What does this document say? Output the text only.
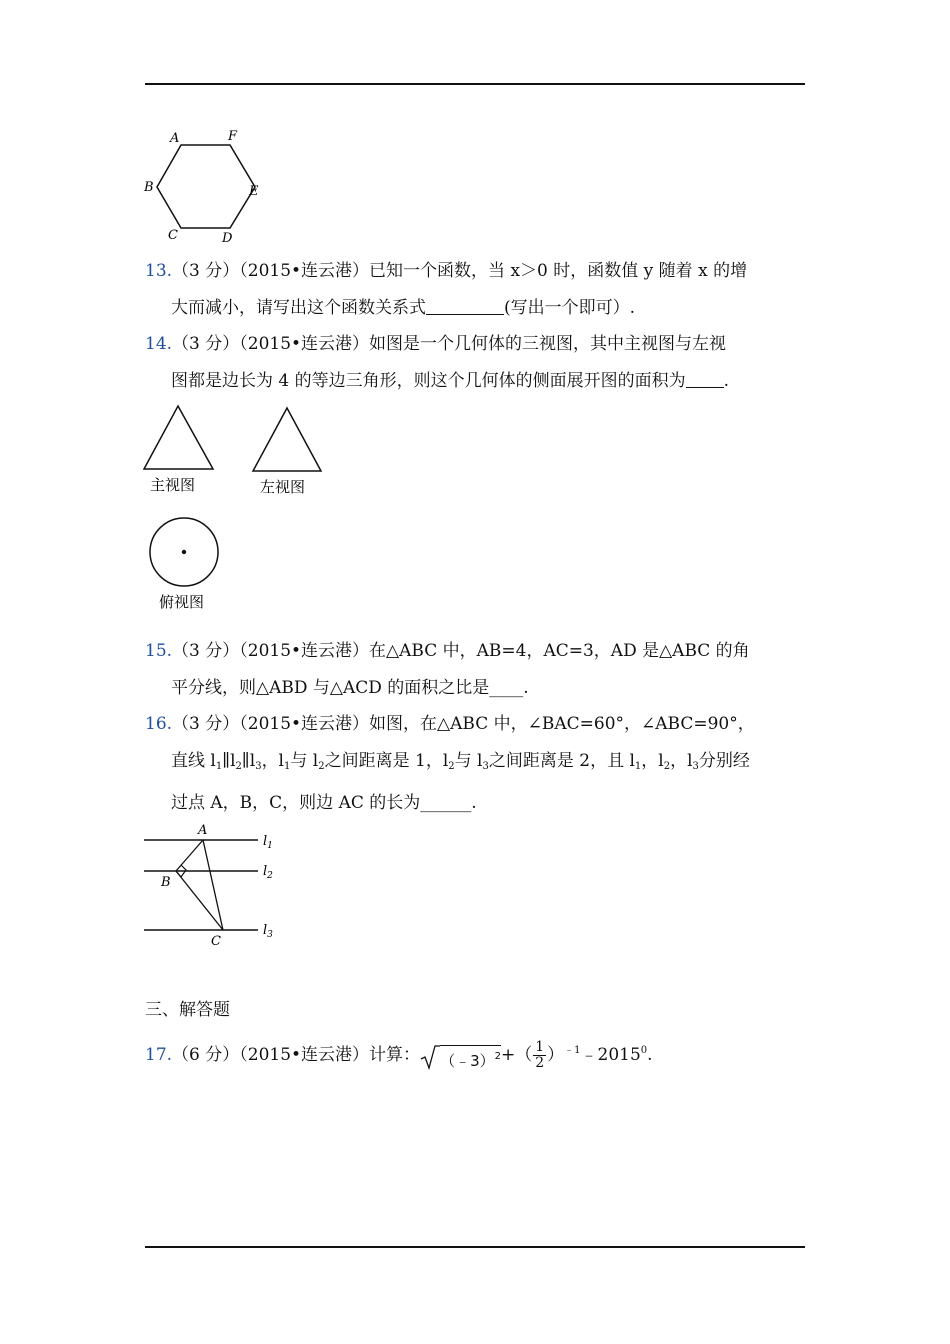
A	F
B	E
C	D
13.（3 分）（2015•连云港）已知一个函数，当 x＞0 时，函数值 y 随着 x 的增
大而减小，请写出这个函数关系式	(写出一个即可）.
14.（3 分）（2015•连云港）如图是一个几何体的三视图，其中主视图与左视
图都是边长为 4 的等边三角形，则这个几何体的侧面展开图的面积为 .
主视图	左视图
俯视图
15.（3 分）（2015•连云港）在△ABC 中，AB=4，AC=3，AD 是△ABC 的角
平分线，则△ABD 与△ACD 的面积之比是____.
16.（3 分）（2015•连云港）如图，在△ABC 中，∠BAC=60°，∠ABC=90°，
直线 $l_1\parallel l_2\parallel l_3$，$l_1$与 $l_2$之间距离是 1，$l_2$与 $l_3$之间距离是 2，且 $l_1$，$l_2$，$l_3$分别经
过点 A，B，C，则边 AC 的长为______.
A
B
C
$l_1$
$l_2$
$l_3$
三、解答题
17.（6 分）（2015•连云港）计算： （﹣3）$^2$+（ $\frac{1}{2}$ ）$^{﹣1}$﹣2015$^0$.
